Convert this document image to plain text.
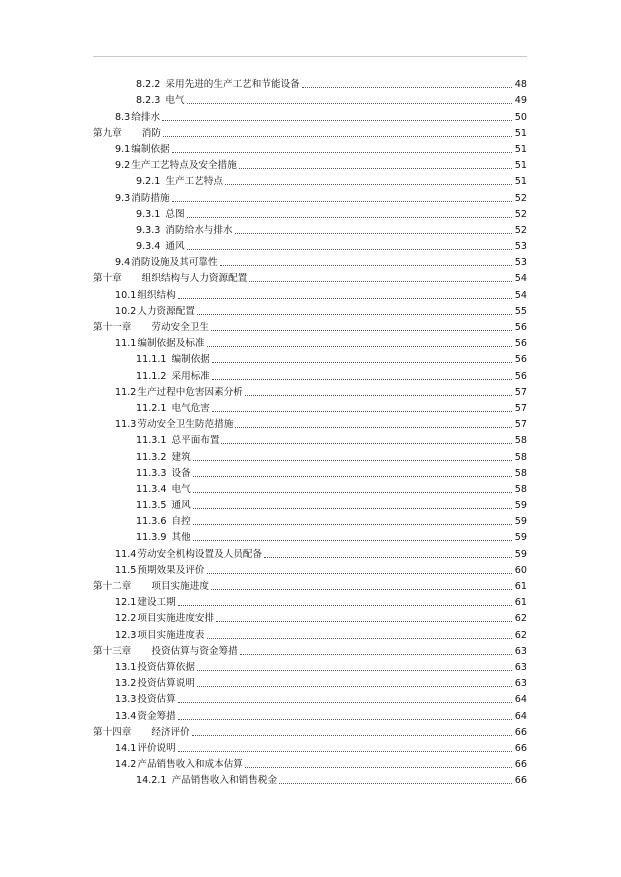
8.2.2 采用先进的生产工艺和节能设备	48
8.2.3 电气	49
8.3 给排水	50
第九章 消防	51
9.1 编制依据	51
9.2 生产工艺特点及安全措施	51
9.2.1 生产工艺特点	51
9.3 消防措施	52
9.3.1 总图	52
9.3.3 消防给水与排水	52
9.3.4 通风	53
9.4 消防设施及其可靠性	53
第十章 组织结构与人力资源配置	54
10.1 组织结构	54
10.2 人力资源配置	55
第十一章 劳动安全卫生	56
11.1 编制依据及标准	56
11.1.1 编制依据	56
11.1.2 采用标准	56
11.2 生产过程中危害因素分析	57
11.2.1 电气危害	57
11.3 劳动安全卫生防范措施	57
11.3.1 总平面布置	58
11.3.2 建筑	58
11.3.3 设备	58
11.3.4 电气	58
11.3.5 通风	59
11.3.6 自控	59
11.3.9 其他	59
11.4 劳动安全机构设置及人员配备	59
11.5 预期效果及评价	60
第十二章 项目实施进度	61
12.1 建设工期	61
12.2 项目实施进度安排	62
12.3 项目实施进度表	62
第十三章 投资估算与资金筹措	63
13.1 投资估算依据	63
13.2 投资估算说明	63
13.3 投资估算	64
13.4 资金筹措	64
第十四章 经济评价	66
14.1 评价说明	66
14.2 产品销售收入和成本估算	66
14.2.1 产品销售收入和销售税金	66
